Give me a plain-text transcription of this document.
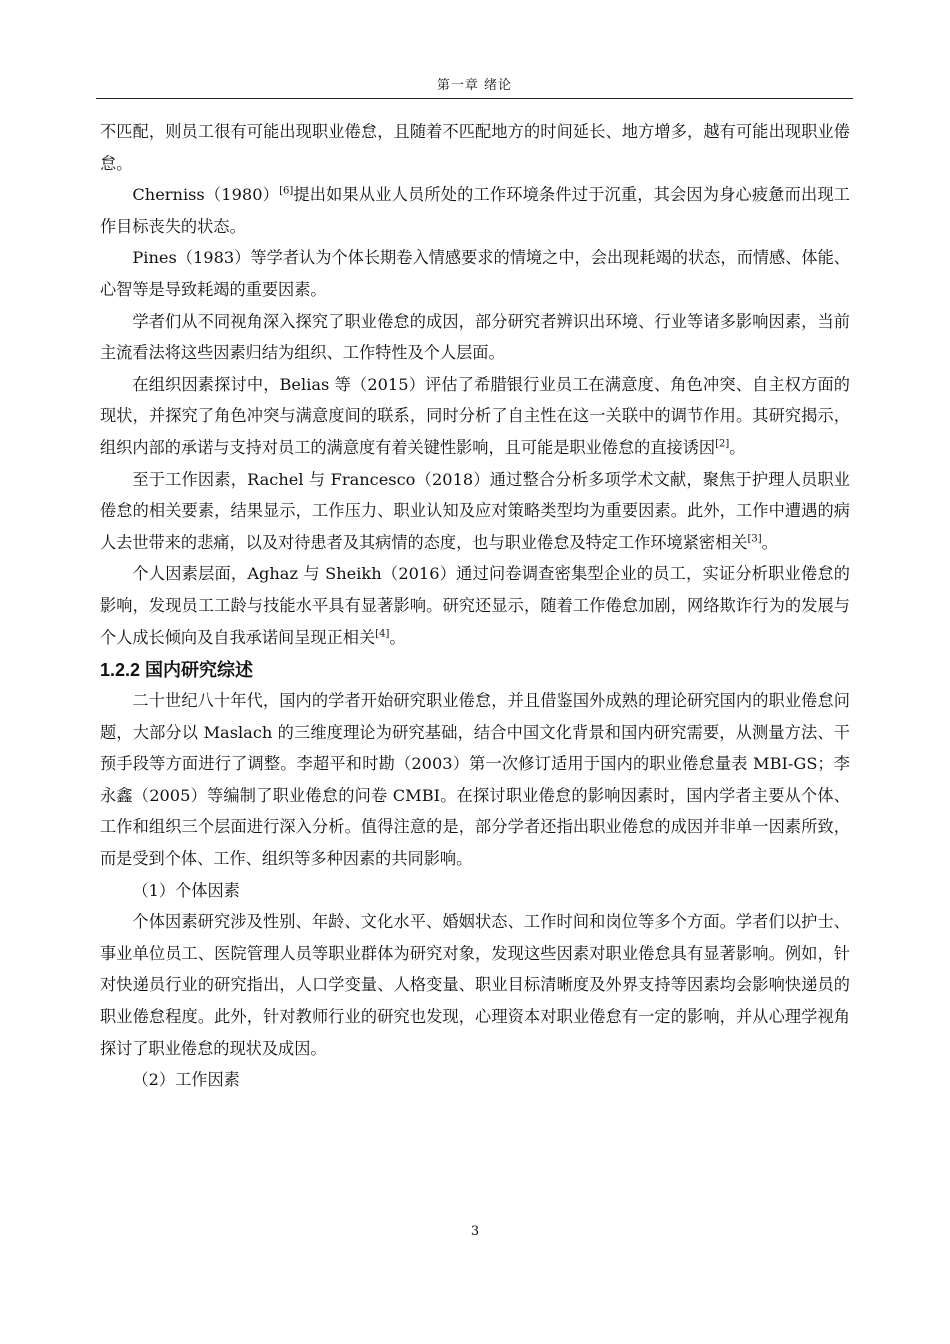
第一章 绪论

不匹配，则员工很有可能出现职业倦怠，且随着不匹配地方的时间延长、地方增多，越有可能出现职业倦怠。

Cherniss（1980）[6]提出如果从业人员所处的工作环境条件过于沉重，其会因为身心疲惫而出现工作目标丧失的状态。

Pines（1983）等学者认为个体长期卷入情感要求的情境之中，会出现耗竭的状态，而情感、体能、心智等是导致耗竭的重要因素。

学者们从不同视角深入探究了职业倦怠的成因，部分研究者辨识出环境、行业等诸多影响因素，当前主流看法将这些因素归结为组织、工作特性及个人层面。

在组织因素探讨中，Belias 等（2015）评估了希腊银行业员工在满意度、角色冲突、自主权方面的现状，并探究了角色冲突与满意度间的联系，同时分析了自主性在这一关联中的调节作用。其研究揭示，组织内部的承诺与支持对员工的满意度有着关键性影响，且可能是职业倦怠的直接诱因[2]。

至于工作因素，Rachel 与 Francesco（2018）通过整合分析多项学术文献，聚焦于护理人员职业倦怠的相关要素，结果显示，工作压力、职业认知及应对策略类型均为重要因素。此外，工作中遭遇的病人去世带来的悲痛，以及对待患者及其病情的态度，也与职业倦怠及特定工作环境紧密相关[3]。

个人因素层面，Aghaz 与 Sheikh（2016）通过问卷调查密集型企业的员工，实证分析职业倦怠的影响，发现员工工龄与技能水平具有显著影响。研究还显示，随着工作倦怠加剧，网络欺诈行为的发展与个人成长倾向及自我承诺间呈现正相关[4]。

1.2.2 国内研究综述

二十世纪八十年代，国内的学者开始研究职业倦怠，并且借鉴国外成熟的理论研究国内的职业倦怠问题，大部分以 Maslach 的三维度理论为研究基础，结合中国文化背景和国内研究需要，从测量方法、干预手段等方面进行了调整。李超平和时勘（2003）第一次修订适用于国内的职业倦怠量表 MBI-GS；李永鑫（2005）等编制了职业倦怠的问卷 CMBI。在探讨职业倦怠的影响因素时，国内学者主要从个体、工作和组织三个层面进行深入分析。值得注意的是，部分学者还指出职业倦怠的成因并非单一因素所致，而是受到个体、工作、组织等多种因素的共同影响。

（1）个体因素

个体因素研究涉及性别、年龄、文化水平、婚姻状态、工作时间和岗位等多个方面。学者们以护士、事业单位员工、医院管理人员等职业群体为研究对象，发现这些因素对职业倦怠具有显著影响。例如，针对快递员行业的研究指出，人口学变量、人格变量、职业目标清晰度及外界支持等因素均会影响快递员的职业倦怠程度。此外，针对教师行业的研究也发现，心理资本对职业倦怠有一定的影响，并从心理学视角探讨了职业倦怠的现状及成因。

（2）工作因素

3
